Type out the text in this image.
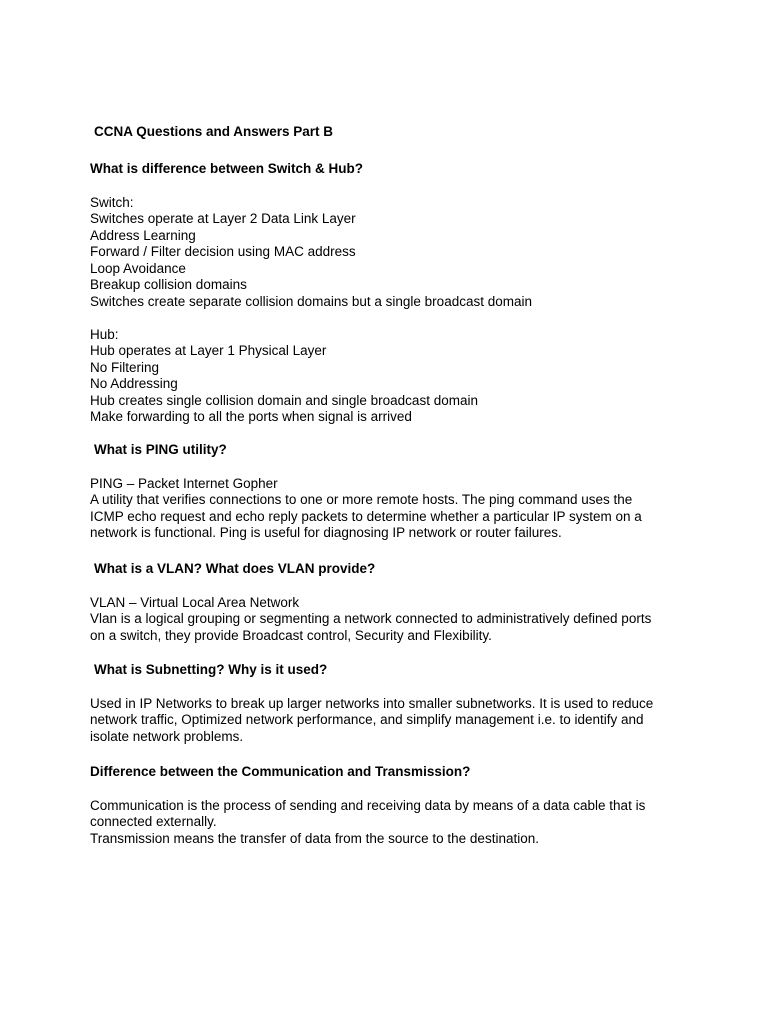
CCNA Questions and Answers Part B
What is difference between Switch & Hub?
Switch:
Switches operate at Layer 2 Data Link Layer
Address Learning
Forward / Filter decision using MAC address
Loop Avoidance
Breakup collision domains
Switches create separate collision domains but a single broadcast domain
Hub:
Hub operates at Layer 1 Physical Layer
No Filtering
No Addressing
Hub creates single collision domain and single broadcast domain
Make forwarding to all the ports when signal is arrived
What is PING utility?
PING – Packet Internet Gopher
A utility that verifies connections to one or more remote hosts. The ping command uses the
ICMP echo request and echo reply packets to determine whether a particular IP system on a
network is functional. Ping is useful for diagnosing IP network or router failures.
What is a VLAN? What does VLAN provide?
VLAN – Virtual Local Area Network
Vlan is a logical grouping or segmenting a network connected to administratively defined ports
on a switch, they provide Broadcast control, Security and Flexibility.
What is Subnetting? Why is it used?
Used in IP Networks to break up larger networks into smaller subnetworks. It is used to reduce
network traffic, Optimized network performance, and simplify management i.e. to identify and
isolate network problems.
Difference between the Communication and Transmission?
Communication is the process of sending and receiving data by means of a data cable that is
connected externally.
Transmission means the transfer of data from the source to the destination.
